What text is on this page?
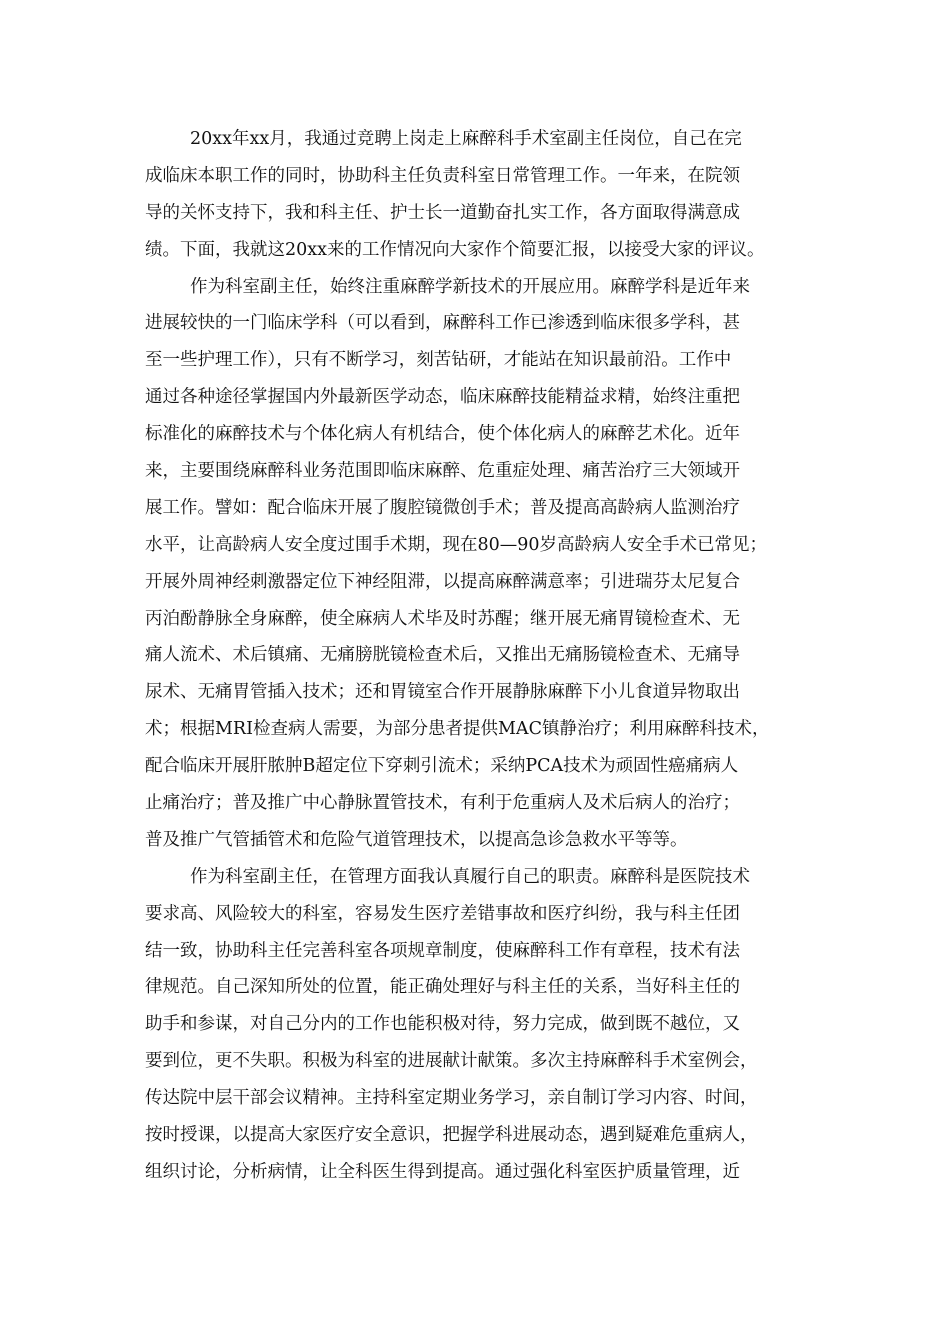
20xx年xx月，我通过竞聘上岗走上麻醉科手术室副主任岗位，自己在完
成临床本职工作的同时，协助科主任负责科室日常管理工作。一年来，在院领
导的关怀支持下，我和科主任、护士长一道勤奋扎实工作，各方面取得满意成
绩。下面，我就这20xx来的工作情况向大家作个简要汇报，以接受大家的评议。
作为科室副主任，始终注重麻醉学新技术的开展应用。麻醉学科是近年来
进展较快的一门临床学科（可以看到，麻醉科工作已渗透到临床很多学科，甚
至一些护理工作），只有不断学习，刻苦钻研，才能站在知识最前沿。工作中
通过各种途径掌握国内外最新医学动态，临床麻醉技能精益求精，始终注重把
标准化的麻醉技术与个体化病人有机结合，使个体化病人的麻醉艺术化。近年
来，主要围绕麻醉科业务范围即临床麻醉、危重症处理、痛苦治疗三大领域开
展工作。譬如：配合临床开展了腹腔镜微创手术；普及提高高龄病人监测治疗
水平，让高龄病人安全度过围手术期，现在80—90岁高龄病人安全手术已常见；
开展外周神经刺激器定位下神经阻滞，以提高麻醉满意率；引进瑞芬太尼复合
丙泊酚静脉全身麻醉，使全麻病人术毕及时苏醒；继开展无痛胃镜检查术、无
痛人流术、术后镇痛、无痛膀胱镜检查术后，又推出无痛肠镜检查术、无痛导
尿术、无痛胃管插入技术；还和胃镜室合作开展静脉麻醉下小儿食道异物取出
术；根据MRI检查病人需要，为部分患者提供MAC镇静治疗；利用麻醉科技术，
配合临床开展肝脓肿B超定位下穿刺引流术；采纳PCA技术为顽固性癌痛病人
止痛治疗；普及推广中心静脉置管技术，有利于危重病人及术后病人的治疗；
普及推广气管插管术和危险气道管理技术，以提高急诊急救水平等等。
作为科室副主任，在管理方面我认真履行自己的职责。麻醉科是医院技术
要求高、风险较大的科室，容易发生医疗差错事故和医疗纠纷，我与科主任团
结一致，协助科主任完善科室各项规章制度，使麻醉科工作有章程，技术有法
律规范。自己深知所处的位置，能正确处理好与科主任的关系，当好科主任的
助手和参谋，对自己分内的工作也能积极对待，努力完成，做到既不越位，又
要到位，更不失职。积极为科室的进展献计献策。多次主持麻醉科手术室例会，
传达院中层干部会议精神。主持科室定期业务学习，亲自制订学习内容、时间，
按时授课，以提高大家医疗安全意识，把握学科进展动态，遇到疑难危重病人，
组织讨论，分析病情，让全科医生得到提高。通过强化科室医护质量管理，近
